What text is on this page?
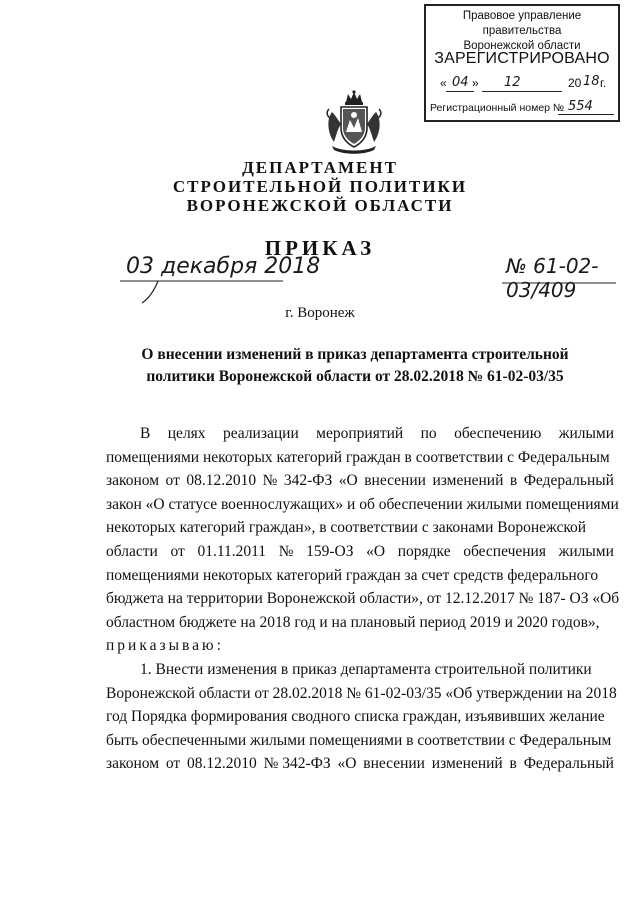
Правовое управление правительства
Воронежской области
ЗАРЕГИСТРИРОВАНО
« 04 » 12	20 18 г.
Регистрационный номер № 554
ДЕПАРТАМЕНТ
СТРОИТЕЛЬНОЙ ПОЛИТИКИ
ВОРОНЕЖСКОЙ ОБЛАСТИ
ПРИКАЗ
03 декабря 2018	№ 61-02-03/409
г. Воронеж
О внесении изменений в приказ департамента строительной
политики Воронежской области от 28.02.2018 № 61-02-03/35
В целях реализации мероприятий по обеспечению жилыми
помещениями некоторых категорий граждан в соответствии с Федеральным
законом от 08.12.2010 № 342-ФЗ «О внесении изменений в Федеральный
закон «О статусе военнослужащих» и об обеспечении жилыми помещениями
некоторых категорий граждан», в соответствии с законами Воронежской
области от 01.11.2011 № 159-ОЗ «О порядке обеспечения жилыми
помещениями некоторых категорий граждан за счет средств федерального
бюджета на территории Воронежской области», от 12.12.2017 № 187- ОЗ «Об
областном бюджете на 2018 год и на плановый период 2019 и 2020 годов»,
приказываю:
1. Внести изменения в приказ департамента строительной политики
Воронежской области от 28.02.2018 № 61-02-03/35 «Об утверждении на 2018
год Порядка формирования сводного списка граждан, изъявивших желание
быть обеспеченными жилыми помещениями в соответствии с Федеральным
законом от 08.12.2010 № 342-ФЗ «О внесении изменений в Федеральный
